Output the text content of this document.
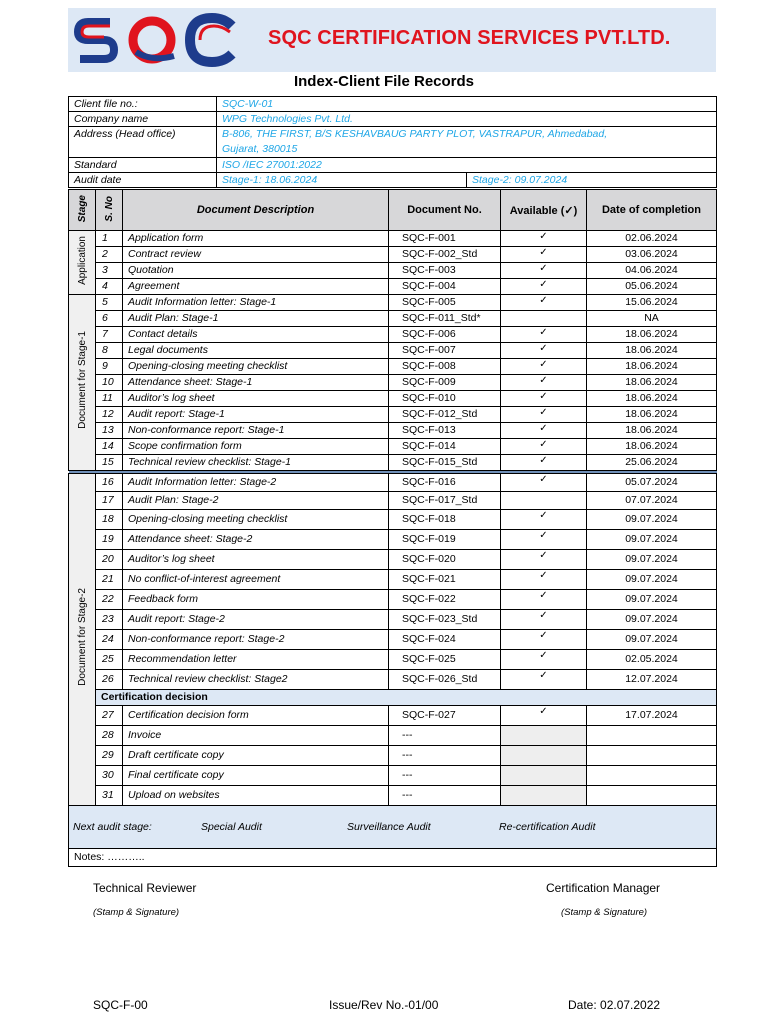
SQC CERTIFICATION SERVICES PVT.LTD.
Index-Client File Records
Client file no.:	SQC-W-01	
Company name	WPG Technologies Pvt. Ltd.	
Address (Head office)	B-806, THE FIRST, B/S KESHAVBAUG PARTY PLOT, VASTRAPUR, Ahmedabad,
Gujarat, 380015	
Standard	ISO /IEC 27001:2022	
Audit date	Stage-1: 18.06.2024	Stage-2: 09.07.2024
Stage	S. No	Document Description	Document No.	Available (✓)	Date of completion
Application	1	Application form	SQC-F-001	✓	02.06.2024
	2	Contract review	SQC-F-002_Std	✓	03.06.2024
	3	Quotation	SQC-F-003	✓	04.06.2024
	4	Agreement	SQC-F-004	✓	05.06.2024
Document for Stage-1	5	Audit Information letter: Stage-1	SQC-F-005	✓	15.06.2024
	6	Audit Plan: Stage-1	SQC-F-011_Std*		NA
	7	Contact details	SQC-F-006	✓	18.06.2024
	8	Legal documents	SQC-F-007	✓	18.06.2024
	9	Opening-closing meeting checklist	SQC-F-008	✓	18.06.2024
	10	Attendance sheet: Stage-1	SQC-F-009	✓	18.06.2024
	11	Auditor’s log sheet	SQC-F-010	✓	18.06.2024
	12	Audit report: Stage-1	SQC-F-012_Std	✓	18.06.2024
	13	Non-conformance report: Stage-1	SQC-F-013	✓	18.06.2024
	14	Scope confirmation form	SQC-F-014	✓	18.06.2024
	15	Technical review checklist: Stage-1	SQC-F-015_Std	✓	25.06.2024

Document for Stage-2	16	Audit Information letter: Stage-2	SQC-F-016	✓	05.07.2024
	17	Audit Plan: Stage-2	SQC-F-017_Std		07.07.2024
	18	Opening-closing meeting checklist	SQC-F-018	✓	09.07.2024
	19	Attendance sheet: Stage-2	SQC-F-019	✓	09.07.2024
	20	Auditor’s log sheet	SQC-F-020	✓	09.07.2024
	21	No conflict-of-interest agreement	SQC-F-021	✓	09.07.2024
	22	Feedback form	SQC-F-022	✓	09.07.2024
	23	Audit report: Stage-2	SQC-F-023_Std	✓	09.07.2024
	24	Non-conformance report: Stage-2	SQC-F-024	✓	09.07.2024
	25	Recommendation letter	SQC-F-025	✓	02.05.2024
	26	Technical review checklist: Stage2	SQC-F-026_Std	✓	12.07.2024
	Certification decision				
	27	Certification decision form	SQC-F-027	✓	17.07.2024
	28	Invoice	---		
	29	Draft certificate copy	---		
	30	Final certificate copy	---		
	31	Upload on websites	---		

Next audit stage: Special Audit Surveillance Audit Re-certification Audit					

Notes: ………..					
Technical Reviewer
(Stamp & Signature)
Certification Manager
(Stamp & Signature)
SQC-F-00	Issue/Rev No.-01/00	Date: 02.07.2022
